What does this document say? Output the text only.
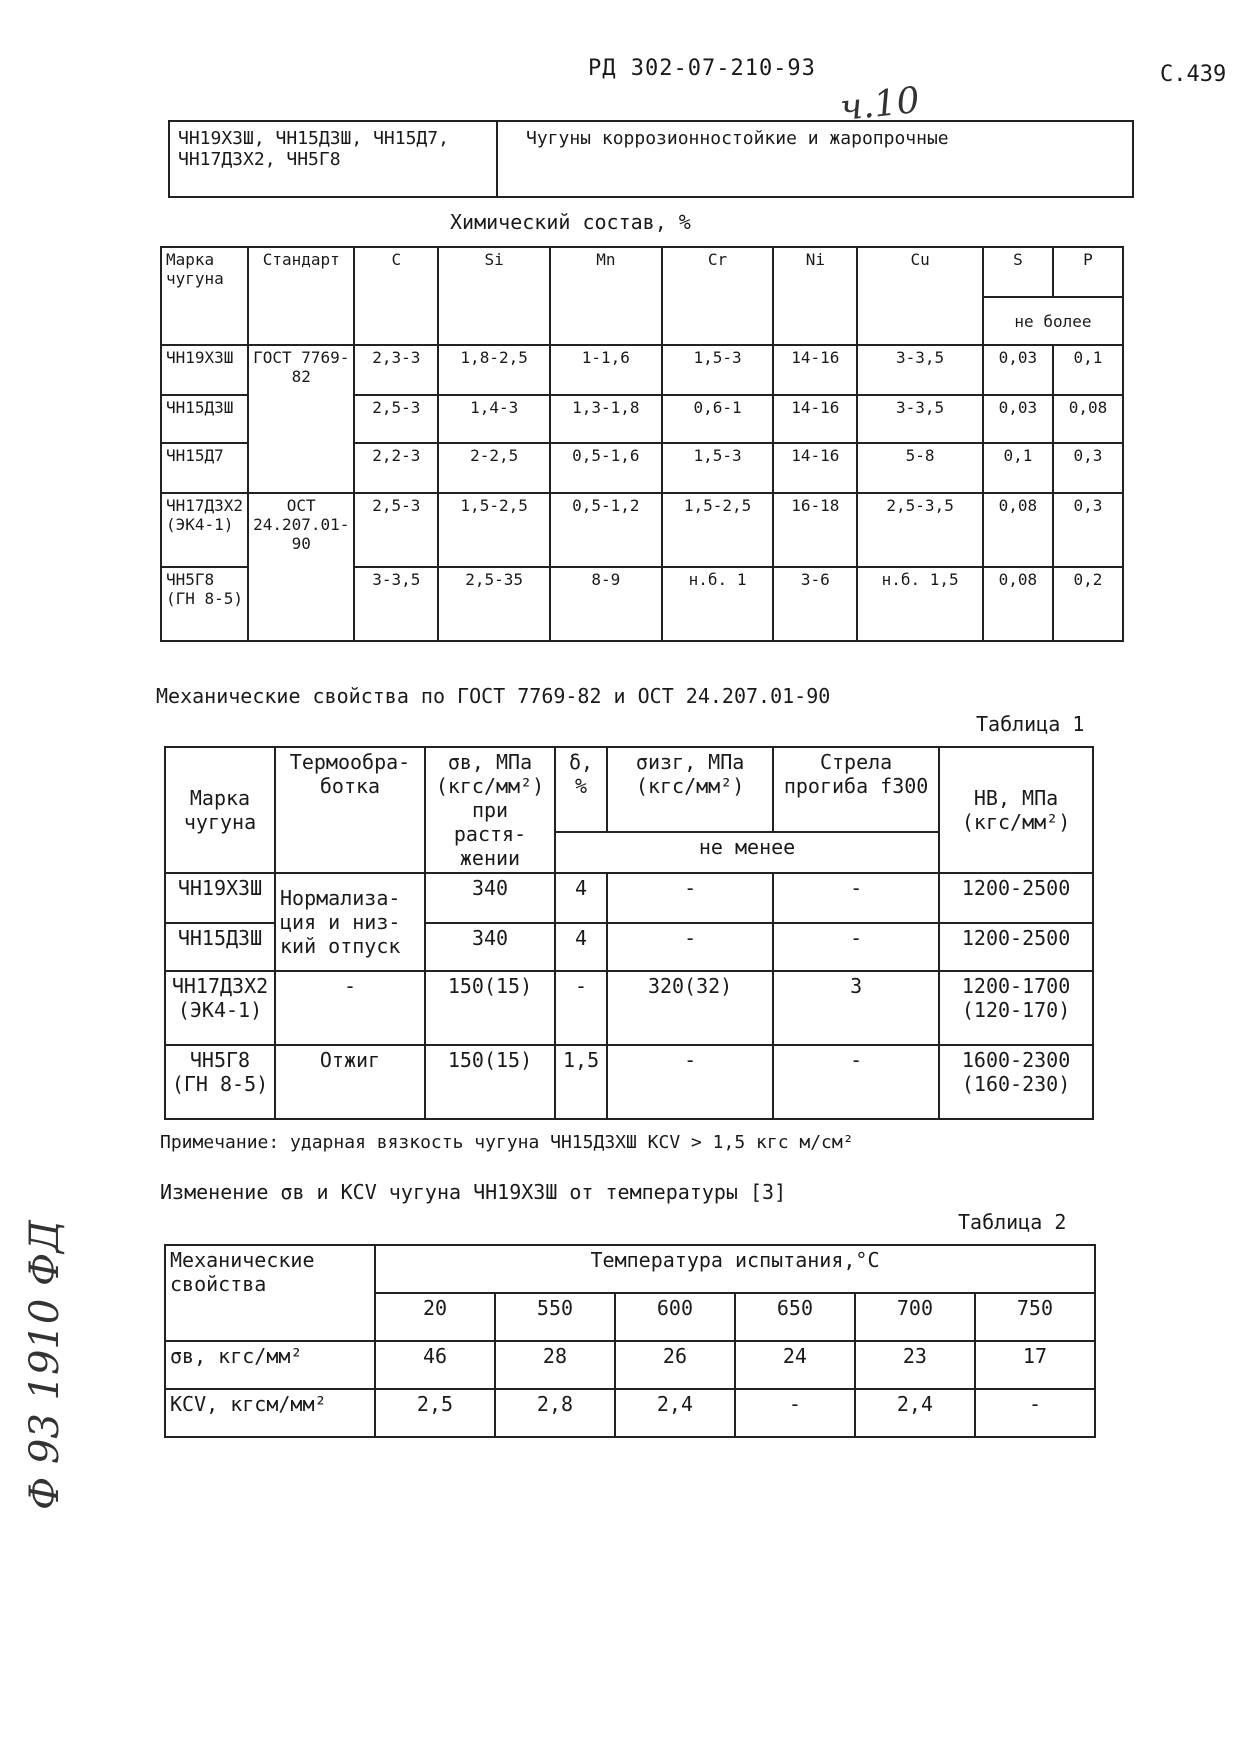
РД 302-07-210-93	С.439
ч.10
Ф 93 1910 ФД
ЧН19Х3Ш, ЧН15Д3Ш, ЧН15Д7, ЧН17Д3Х2, ЧН5Г8	Чугуны коррозионностойкие и жаропрочные
Химический состав, %
Марка чугуна	Стандарт	C	Si	Mn	Cr	Ni	Cu	S	P
								не более	
ЧН19Х3Ш	ГОСТ 7769-82	2,3-3	1,8-2,5	1-1,6	1,5-3	14-16	3-3,5	0,03	0,1
ЧН15Д3Ш		2,5-3	1,4-3	1,3-1,8	0,6-1	14-16	3-3,5	0,03	0,08
ЧН15Д7		2,2-3	2-2,5	0,5-1,6	1,5-3	14-16	5-8	0,1	0,3
ЧН17Д3Х2 (ЭК4-1)	ОСТ 24.207.01-90	2,5-3	1,5-2,5	0,5-1,2	1,5-2,5	16-18	2,5-3,5	0,08	0,3
ЧН5Г8 (ГН 8-5)		3-3,5	2,5-35	8-9	н.б. 1	3-6	н.б. 1,5	0,08	0,2
Механические свойства по ГОСТ 7769-82 и ОСТ 24.207.01-90
Таблица 1
Марка чугуна	Термообра-ботка	σв, МПа (кгс/мм²) при растя-жении	δ, %	σизг, МПа (кгс/мм²)	Стрела прогиба f300	НВ, МПа (кгс/мм²)
			не менее			
ЧН19Х3Ш	Нормализа-ция и низ-кий отпуск	340	4	-	-	1200-2500
ЧН15Д3Ш		340	4	-	-	1200-2500
ЧН17Д3Х2 (ЭК4-1)	-	150(15)	-	320(32)	3	1200-1700 (120-170)
ЧН5Г8 (ГН 8-5)	Отжиг	150(15)	1,5	-	-	1600-2300 (160-230)
Примечание: ударная вязкость чугуна ЧН15Д3ХШ KCV > 1,5 кгс м/см²
Изменение σв и KCV чугуна ЧН19Х3Ш от температуры [3]
Таблица 2
Механические свойства	Температура испытания,°С					
	20	550	600	650	700	750
σв, кгс/мм²	46	28	26	24	23	17
KCV, кгсм/мм²	2,5	2,8	2,4	-	2,4	-
